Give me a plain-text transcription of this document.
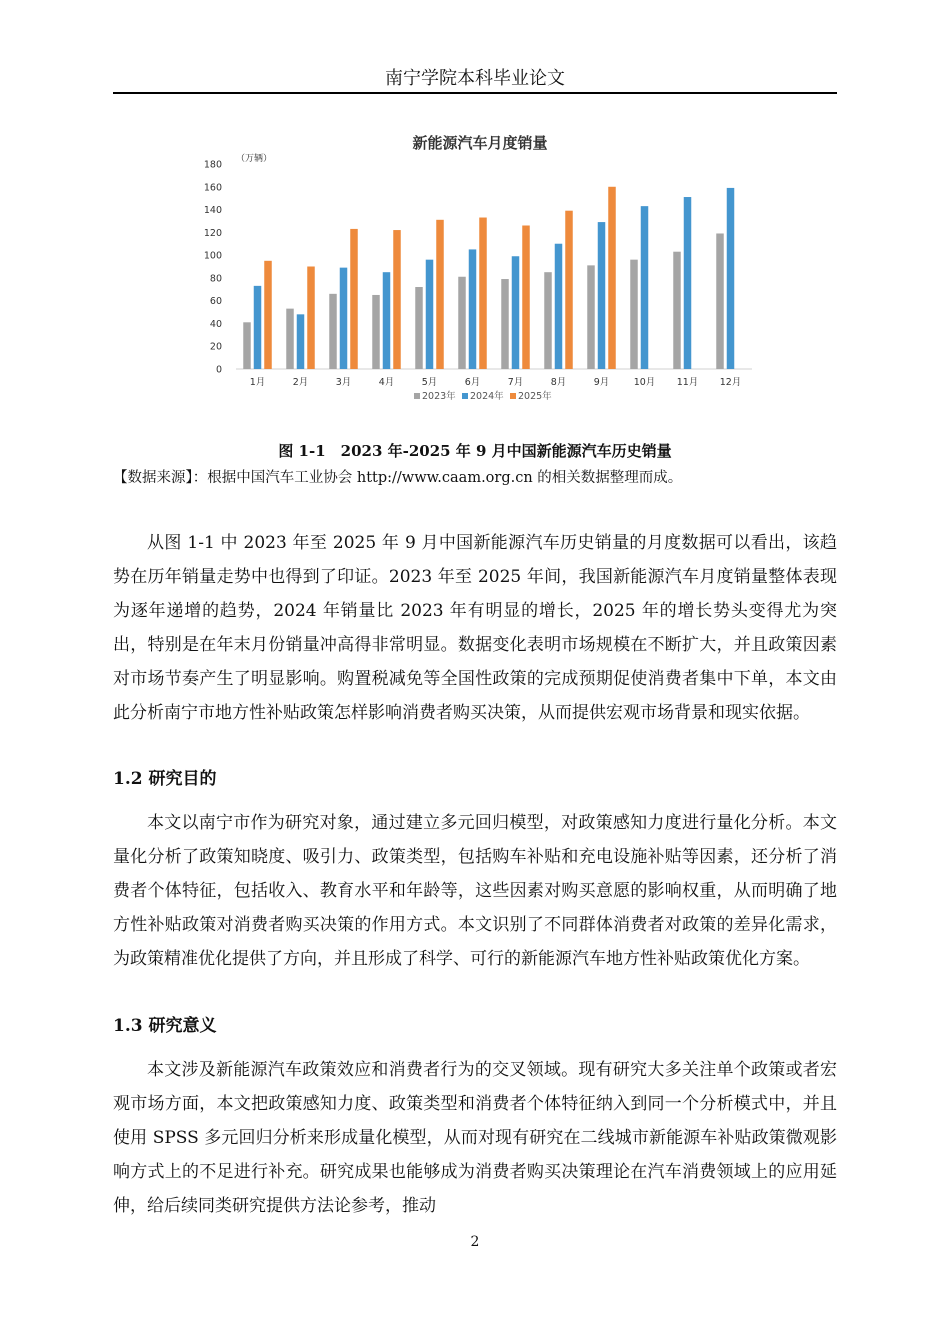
南宁学院本科毕业论文
新能源汽车月度销量
（万辆）
0
20
40
60
80
100
120
140
160
180
1月	2月	3月	4月	5月	6月	7月	8月	9月	10月 11月 12月
2023年 2024年 2025年
图 1-1　2023 年-2025 年 9 月中国新能源汽车历史销量
【数据来源】：根据中国汽车工业协会 http://www.caam.org.cn 的相关数据整理而成。

从图 1-1 中 2023 年至 2025 年 9 月中国新能源汽车历史销量的月度数据可以看出，该趋势在历年销量走势中也得到了印证。2023 年至 2025 年间，我国新能源汽车月度销量整体表现为逐年递增的趋势，2024 年销量比 2023 年有明显的增长，2025 年的增长势头变得尤为突出，特别是在年末月份销量冲高得非常明显。数据变化表明市场规模在不断扩大，并且政策因素对市场节奏产生了明显影响。购置税减免等全国性政策的完成预期促使消费者集中下单，本文由此分析南宁市地方性补贴政策怎样影响消费者购买决策，从而提供宏观市场背景和现实依据。

1.2 研究目的

本文以南宁市作为研究对象，通过建立多元回归模型，对政策感知力度进行量化分析。本文量化分析了政策知晓度、吸引力、政策类型，包括购车补贴和充电设施补贴等因素，还分析了消费者个体特征，包括收入、教育水平和年龄等，这些因素对购买意愿的影响权重，从而明确了地方性补贴政策对消费者购买决策的作用方式。本文识别了不同群体消费者对政策的差异化需求，为政策精准优化提供了方向，并且形成了科学、可行的新能源汽车地方性补贴政策优化方案。

1.3 研究意义

本文涉及新能源汽车政策效应和消费者行为的交叉领域。现有研究大多关注单个政策或者宏观市场方面，本文把政策感知力度、政策类型和消费者个体特征纳入到同一个分析模式中，并且使用 SPSS 多元回归分析来形成量化模型，从而对现有研究在二线城市新能源车补贴政策微观影响方式上的不足进行补充。研究成果也能够成为消费者购买决策理论在汽车消费领域上的应用延伸，给后续同类研究提供方法论参考，推动

2
